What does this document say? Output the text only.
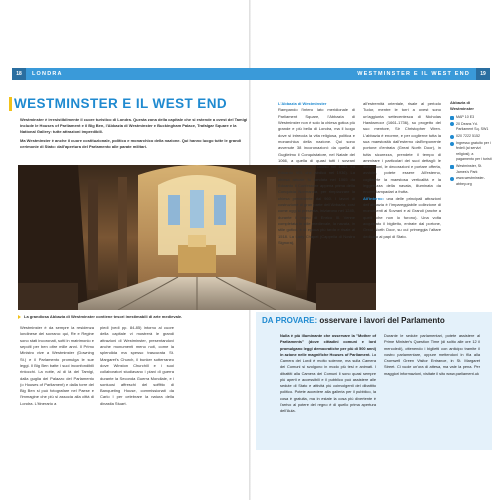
18	LONDRA	WESTMINSTER E IL WEST END	19
WESTMINSTER E IL WEST END

Westminster è irresistibilmente il cuore turistico di Londra. Questa zona della capitale che si estende a ovest del Tamigi include le Houses of Parliament e il Big Ben, l'Abbazia di Westminster e Buckingham Palace, Trafalgar Square e la National Gallery: tutte attrazioni imperdibili.

Ma Westminster è anche il cuore costituzionale, politico e monarchico della nazione. Qui hanno luogo tutte le grandi cerimonie di Stato: dall'apertura del Parlamento alle parate militari.

La grandiosa Abbazia di Westminster contiene tesori inestimabili di arte medievale.
Westminster è da sempre la residenza londinese del sovrano: qui, Re e Regine sono stati incoronati, sotti in matrimonio e sepolti per ben oltre mille anni. Il Primo Ministro vive a Westminster (Downing St.) e il Parlamento promulga le sue leggi. Il Big Ben batte i suoi inconfondibili rintocchi. La notte, al di là del Tamigi, dalla guglia del Palazzo del Parlamento (o Houses of Parliament) e dalla torre del Big Ben si può fotografare nel Paese e l'immagine che più si associa alla città di Londra. L'itinerario a
piedi (vedi pp. 84-85) intorno al cuore della capitale vi mostrerà le grandi attrazioni di Westminster, presentandovi anche monumenti meno noti, come la splendida ma spesso trascurata St. Margaret's Church, il bunker sotterraneo dove Winston Churchill e i suoi collaboratori studiavano i piani di guerra durante la Seconda Guerra Mondiale, e i sontuosi affreschi del soffitto di Banqueting House, commissionati da Carlo I per celebrare la natura della dinastia Stuart.
L'Abbazia di Westminster
Rampando l'intero lato meridionale di Parliament Square, l'Abbazia di Westminster non è solo la chiesa gotica più grande e più bella di Londra, ma il luogo dove si intreccia la vita religiosa, politica e monarchica della nazione. Qui sono avvenute 38 incoronazioni: da quella di Guglielmo il Conquistatore, nel Natale del 1066, a quella di quasi tutti i sovrani (eccetto Edoardo V, ucciso nel 1483, ed Edoardo VIII, che abdicò nel 1936). La chiesa attuale fu fondata nel 1065 da Edoardo il Confessore appena prima della Conquista Normanna, per rimpiazzare la chiesa precedente dal 960. I lavori di costruzione di gran parte dell'Abbazia, così come oggi si presenta, iniziarono nel 1245, durante il regno di Enrico III. Venne completata in stile medievale, la navata, in stile gotico, è di epoca più tarda e risale al 1518. La Lady Chapel (Cappella di Nostra Signora),
all'estremità orientale, risale al periodo Tudor, mentre le torri a ovest sono un'aggiunta settecentesca di Nicholas Hawksmoor (1661-1736), su progetto del suo mentore, Sir Christopher Wren. L'abbazia è enorme, e per coglierne tutta la sua maestosità dall'esterno dall'imponente portone d'entrata (Great North Door), in tutta sicurezza, prendete il tempo di ammirare i particolari dei suoi dettagli: le dimensioni, le decorazioni e portare offerta, avvicini, potete essere All'esterno, coglierete la maestosa verticalità e la leggerezza della navata, illuminata da enormi lampadari a frutta.
All'interno: una delle principali attrazioni dell'abbazia è l'impareggiabile collezione di monumenti ai Sovrani e ai Grandi (anche a quelli che non lo furono). Una volta acquistato il biglietto, entrate dal portone, Great North Door, su cui primeggia l'altare dedicato ai papi di Stato.
Abbazia di Westminster
MAP 10 E3
20 Deans Yd. Parliament Sq. SW1
020 7222 5152
Ingresso gratuito per i fedeli (ai servizi religiosi); a pagamento per i turisti
Westminster, St. James's Park
www.westminster-abbey.org
DA PROVARE: osservare i lavori del Parlamento
Nulla è più illuminante che osservare la "Mother of Parliaments" (dove cittadini comuni e lord promulgano leggi democratiche per più di 500 anni) in azione nelle magnifiche Houses of Parliament. La Camera dei Lordi è molto solenne, ma sulla Camera dei Comuni si svolgono in modo più tesi e animati. I dibattiti alla Camera dei Comuni li sono quasi sempre più aperti e accessibili e il pubblico può assistere alle sedute di Stato e attività più coinvolgenti del dibattito politico. Potete accedere alla galleria per il pubblico, la cosa è gratuita, ma in estate la cosa più divertente è l'arrivo al potere del regno è di quello prima apertura dell'Aula.
Durante le sedute parlamentari, potete assistere al Prime Minister's Question Time (di solito alle ore 12 il mercoledì), ottenendo i biglietti con anticipo tramite il vostro parlamentare, oppure mettendovi in fila alla Cromwell Green Visitor Entrance, in St. Margaret Street. Ci vuole un'ora di attesa, ma vale la pena. Per maggiori informazioni, visitate il sito www.parliament.uk
